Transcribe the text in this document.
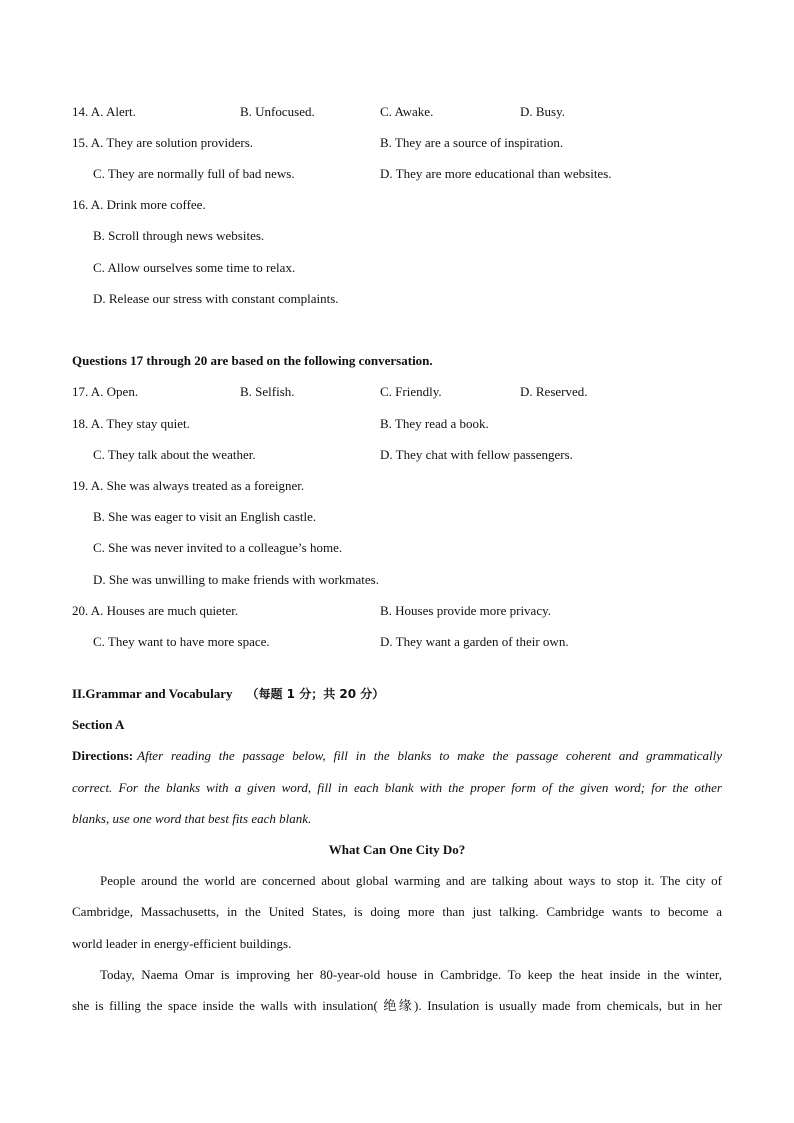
14. A. Alert.	B. Unfocused.	C. Awake.	D. Busy.
15. A. They are solution providers.	B. They are a source of inspiration.
C. They are normally full of bad news.	D. They are more educational than websites.
16. A. Drink more coffee.
B. Scroll through news websites.
C. Allow ourselves some time to relax.
D. Release our stress with constant complaints.
Questions 17 through 20 are based on the following conversation.
17. A. Open.	B. Selfish.	C. Friendly.	D. Reserved.
18. A. They stay quiet.	B. They read a book.
C. They talk about the weather.	D. They chat with fellow passengers.
19. A. She was always treated as a foreigner.
B. She was eager to visit an English castle.
C. She was never invited to a colleague’s home.
D. She was unwilling to make friends with workmates.
20. A. Houses are much quieter.	B. Houses provide more privacy.
C. They want to have more space.	D. They want a garden of their own.
II.Grammar and Vocabulary （每题 1 分；共 20 分）
Section A
Directions: After reading the passage below, fill in the blanks to make the passage coherent and grammatically
correct. For the blanks with a given word, fill in each blank with the proper form of the given word; for the other
blanks, use one word that best fits each blank.
What Can One City Do?
People around the world are concerned about global warming and are talking about ways to stop it. The city of
Cambridge, Massachusetts, in the United States, is doing more than just talking. Cambridge wants to become a
world leader in energy-efficient buildings.
Today, Naema Omar is improving her 80-year-old house in Cambridge. To keep the heat inside in the winter,
she is filling the space inside the walls with insulation( 绝缘). Insulation is usually made from chemicals, but in her
